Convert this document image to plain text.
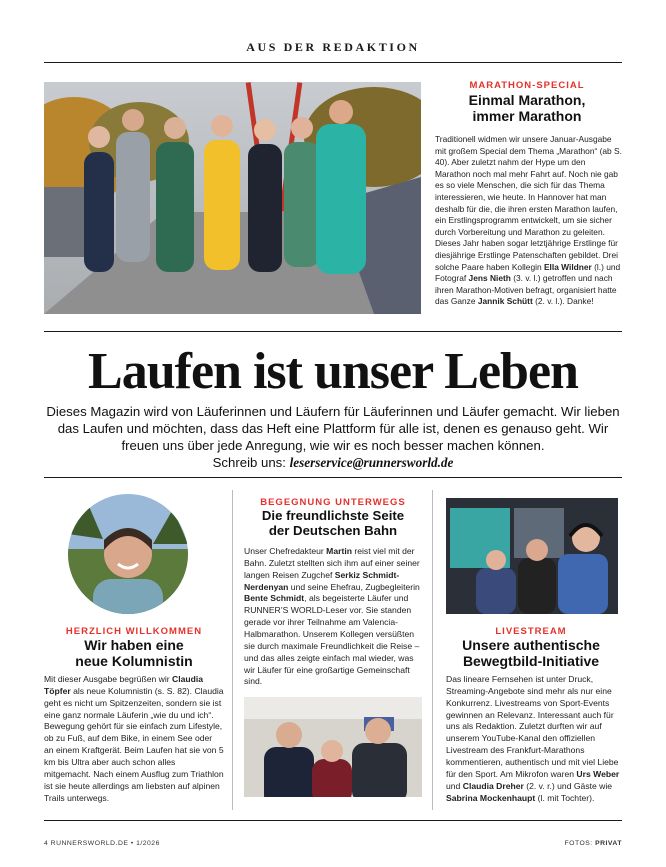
AUS DER REDAKTION
MARATHON-SPECIAL
Einmal Marathon,
immer Marathon
Traditionell widmen wir unsere Januar-Ausgabe mit großem Special dem Thema „Marathon“ (ab S. 40). Aber zuletzt nahm der Hype um den Marathon noch mal mehr Fahrt auf. Noch nie gab es so viele Menschen, die sich für das Thema interessieren, wie heute. In Hannover hat man deshalb für die, die ihren ersten Marathon laufen, ein Erstlingsprogramm entwickelt, um sie sicher durch Vorbereitung und Marathon zu geleiten. Dieses Jahr haben sogar letztjährige Erstlinge für diesjährige Erstlinge Patenschaften gebildet. Drei solche Paare haben Kollegin Ella Wildner (l.) und Fotograf Jens Nieth (3. v. l.) getroffen und nach ihren Marathon-Motiven befragt, organisiert hatte das Ganze Jannik Schütt (2. v. l.). Danke!
Laufen ist unser Leben
Dieses Magazin wird von Läuferinnen und Läufern für Läuferinnen und Läufer gemacht. Wir lieben das Laufen und möchten, dass das Heft eine Plattform für alle ist, denen es genauso geht. Wir freuen uns über jede Anregung, wie wir es noch besser machen können.
Schreib uns: leserservice@runnersworld.de
HERZLICH WILLKOMMEN
Wir haben eine
neue Kolumnistin
Mit dieser Ausgabe begrüßen wir Claudia Töpfer als neue Kolumnistin (s. S. 82). Claudia geht es nicht um Spitzenzeiten, sondern sie ist eine ganz normale Läuferin „wie du und ich“. Bewegung gehört für sie einfach zum Lifestyle, ob zu Fuß, auf dem Bike, in einem See oder an einem Kraftgerät. Beim Laufen hat sie von 5 km bis Ultra aber auch schon alles mitgemacht. Nach einem Ausflug zum Triathlon ist sie heute allerdings am liebsten auf alpinen Trails unterwegs.
BEGEGNUNG UNTERWEGS
Die freundlichste Seite
der Deutschen Bahn
Unser Chefredakteur Martin reist viel mit der Bahn. Zuletzt stellten sich ihm auf einer seiner langen Reisen Zugchef Serkiz Schmidt-Nerdenyan und seine Ehefrau, Zugbegleiterin Bente Schmidt, als begeisterte Läufer und RUNNER’S WORLD-Leser vor. Sie standen gerade vor ihrer Teilnahme am Valencia-Halbmarathon. Unserem Kollegen versüßten sie durch maximale Freundlichkeit die Reise – und das alles zeigte einfach mal wieder, was wir Läufer für eine großartige Gemeinschaft sind.
LIVESTREAM
Unsere authentische
Bewegtbild-Initiative
Das lineare Fernsehen ist unter Druck, Streaming-Angebote sind mehr als nur eine Konkurrenz. Livestreams von Sport-Events gewinnen an Relevanz. Interessant auch für uns als Redaktion. Zuletzt durften wir auf unserem YouTube-Kanal den offiziellen Livestream des Frankfurt-Marathons kommentieren, authentisch und mit viel Liebe für den Sport. Am Mikrofon waren Urs Weber und Claudia Dreher (2. v. r.) und Gäste wie Sabrina Mockenhaupt (l. mit Tochter).
4 RUNNERSWORLD.DE • 1/2026	FOTOS: PRIVAT
